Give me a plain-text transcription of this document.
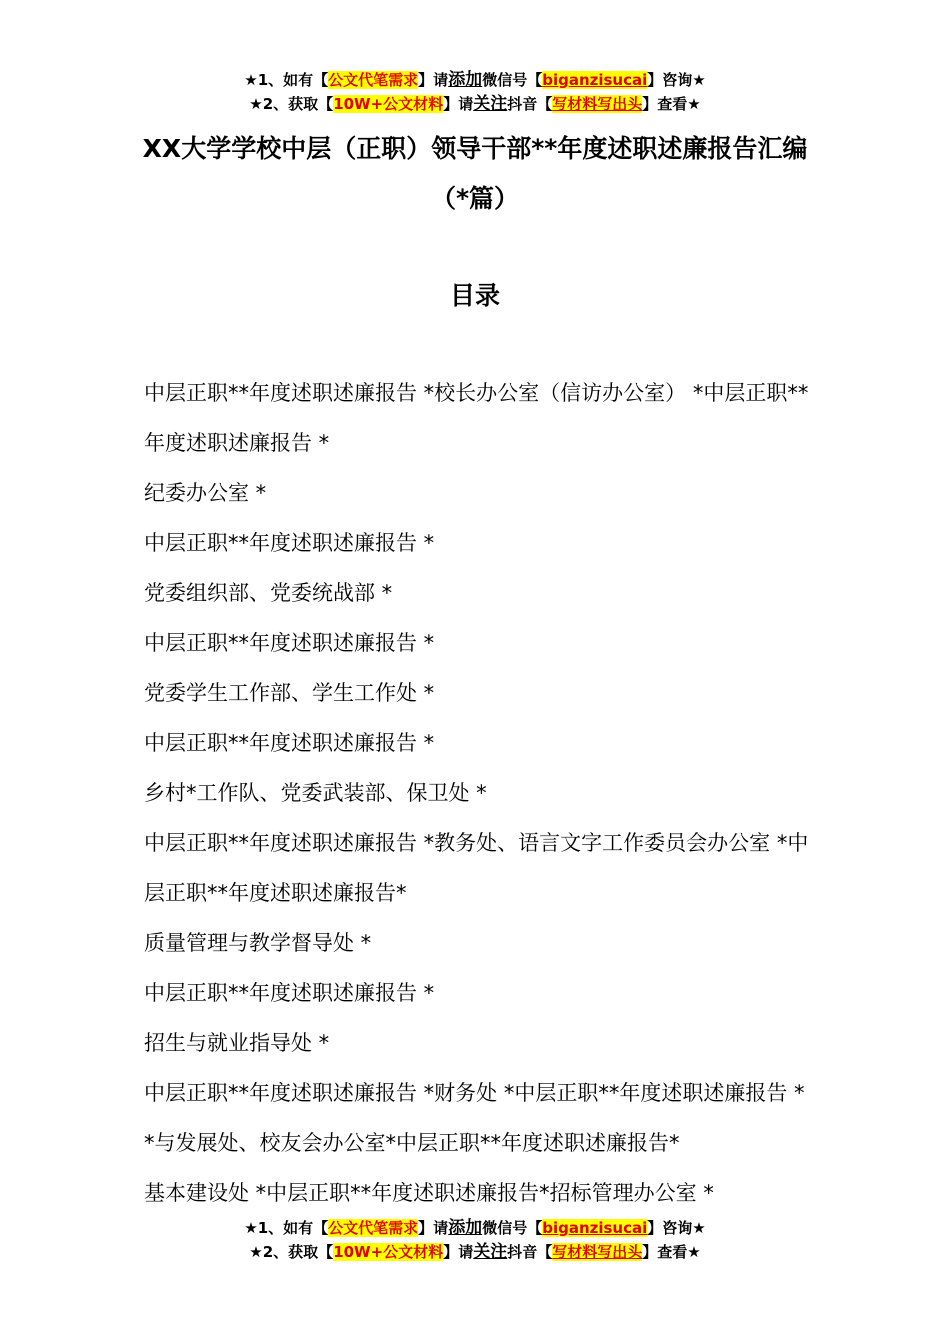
★1、如有【公文代笔需求】请添加微信号【biganzisucai】咨询★
★2、获取【10W+公文材料】请关注抖音【写材料写出头】查看★
XX大学学校中层（正职）领导干部**年度述职述廉报告汇编（*篇）
目录
中层正职**年度述职述廉报告 *校长办公室（信访办公室） *中层正职**年度述职述廉报告 *
纪委办公室 *
中层正职**年度述职述廉报告 *
党委组织部、党委统战部 *
中层正职**年度述职述廉报告 *
党委学生工作部、学生工作处 *
中层正职**年度述职述廉报告 *
乡村*工作队、党委武装部、保卫处 *
中层正职**年度述职述廉报告 *教务处、语言文字工作委员会办公室 *中层正职**年度述职述廉报告*
质量管理与教学督导处 *
中层正职**年度述职述廉报告 *
招生与就业指导处 *
中层正职**年度述职述廉报告 *财务处 *中层正职**年度述职述廉报告 **与发展处、校友会办公室*中层正职**年度述职述廉报告*
基本建设处 *中层正职**年度述职述廉报告*招标管理办公室 *
★1、如有【公文代笔需求】请添加微信号【biganzisucai】咨询★
★2、获取【10W+公文材料】请关注抖音【写材料写出头】查看★
